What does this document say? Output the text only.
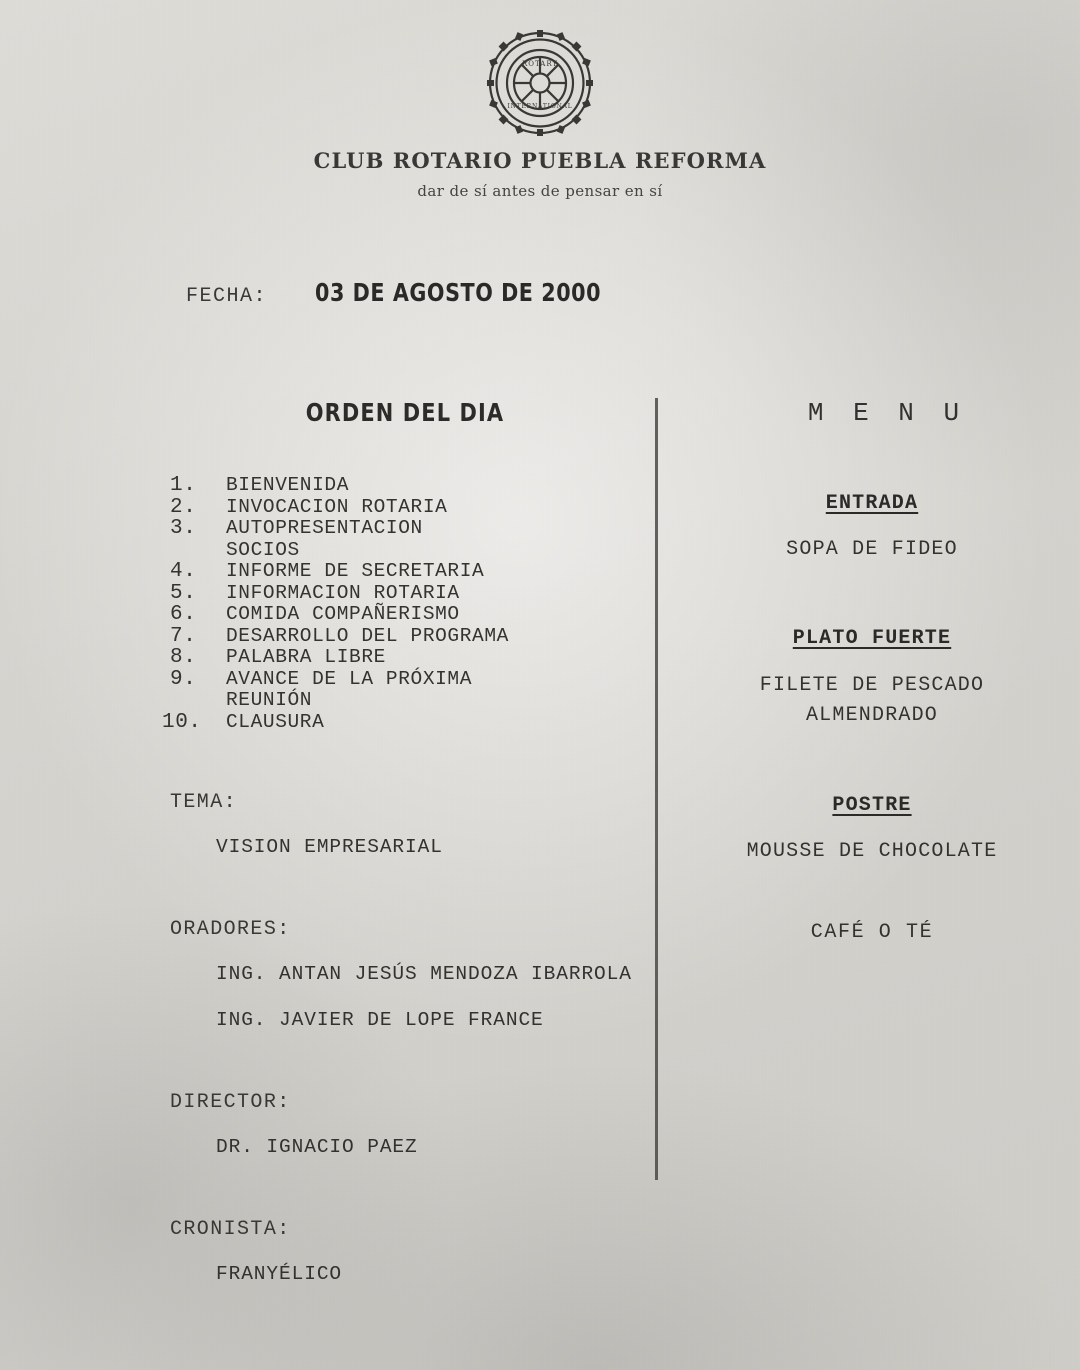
ROTARY
INTERNATIONAL
CLUB ROTARIO PUEBLA REFORMA
dar de sí antes de pensar en sí
FECHA: 03 DE AGOSTO DE 2000
ORDEN DEL DIA
1.	BIENVENIDA
2.	INVOCACION ROTARIA
3.	AUTOPRESENTACION
SOCIOS
4.	INFORME DE SECRETARIA
5.	INFORMACION ROTARIA
6.	COMIDA COMPAÑERISMO
7.	DESARROLLO DEL PROGRAMA
8.	PALABRA LIBRE
9.	AVANCE DE LA PRÓXIMA
REUNIÓN
10.	CLAUSURA
TEMA:
VISION EMPRESARIAL
ORADORES:
ING. ANTAN JESÚS MENDOZA IBARROLA
ING. JAVIER DE LOPE FRANCE
DIRECTOR:
DR. IGNACIO PAEZ
CRONISTA:
FRANYÉLICO
M E N U
ENTRADA
SOPA DE FIDEO
PLATO FUERTE
FILETE DE PESCADO
ALMENDRADO
POSTRE
MOUSSE DE CHOCOLATE
CAFÉ O TÉ
